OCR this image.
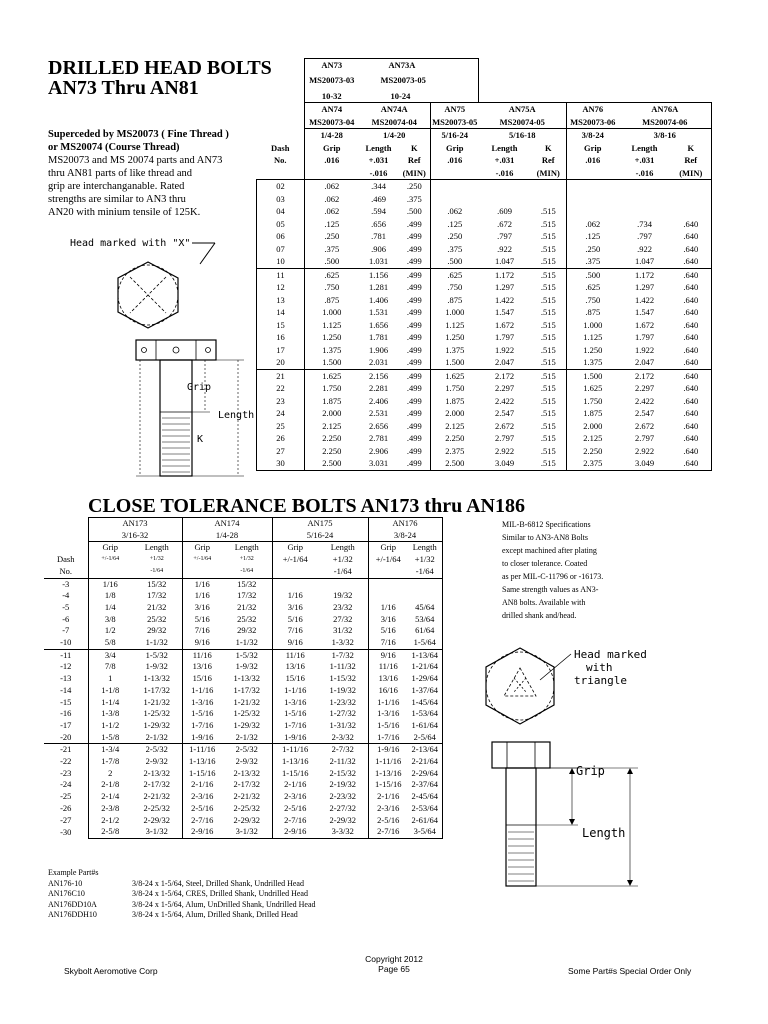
DRILLED HEAD BOLTS
AN73 Thru AN81
Superceded by MS20073 ( Fine Thread )
or MS20074 (Course Thread)
MS20073 and MS 20074 parts and AN73
thru AN81 parts of like thread and
grip are interchanganable. Rated
strengths are similar to AN3 thru
AN20 with minium tensile of 125K.
Head marked with "X"
Grip
Length
K
	AN73	AN73A							
	MS20073-03	MS20073-05							
	10-32	10-24							
	AN74	AN74A		AN75	AN75A		AN76	AN76A	
	MS20073-04	MS20074-04		MS20073-05	MS20074-05		MS20073-06	MS20074-06	
	1/4-28	1/4-20		5/16-24	5/16-18		3/8-24	3/8-16	
Dash	Grip	Length	K	Grip	Length	K	Grip	Length	K
No.	.016	+.031	Ref	.016	+.031	Ref	.016	+.031	Ref
		-.016	(MIN)		-.016	(MIN)		-.016	(MIN)
02	.062	.344	.250						
03	.062	.469	.375						
04	.062	.594	.500	.062	.609	.515			
05	.125	.656	.499	.125	.672	.515	.062	.734	.640
06	.250	.781	.499	.250	.797	.515	.125	.797	.640
07	.375	.906	.499	.375	.922	.515	.250	.922	.640
10	.500	1.031	.499	.500	1.047	.515	.375	1.047	.640
11	.625	1.156	.499	.625	1.172	.515	.500	1.172	.640
12	.750	1.281	.499	.750	1.297	.515	.625	1.297	.640
13	.875	1.406	.499	.875	1.422	.515	.750	1.422	.640
14	1.000	1.531	.499	1.000	1.547	.515	.875	1.547	.640
15	1.125	1.656	.499	1.125	1.672	.515	1.000	1.672	.640
16	1.250	1.781	.499	1.250	1.797	.515	1.125	1.797	.640
17	1.375	1.906	.499	1.375	1.922	.515	1.250	1.922	.640
20	1.500	2.031	.499	1.500	2.047	.515	1.375	2.047	.640
21	1.625	2.156	.499	1.625	2.172	.515	1.500	2.172	.640
22	1.750	2.281	.499	1.750	2.297	.515	1.625	2.297	.640
23	1.875	2.406	.499	1.875	2.422	.515	1.750	2.422	.640
24	2.000	2.531	.499	2.000	2.547	.515	1.875	2.547	.640
25	2.125	2.656	.499	2.125	2.672	.515	2.000	2.672	.640
26	2.250	2.781	.499	2.250	2.797	.515	2.125	2.797	.640
27	2.250	2.906	.499	2.375	2.922	.515	2.250	2.922	.640
30	2.500	3.031	.499	2.500	3.049	.515	2.375	3.049	.640
CLOSE TOLERANCE BOLTS AN173 thru AN186
	AN173		AN174		AN175		AN176	
	3/16-32		1/4-28		5/16-24		3/8-24	
	Grip	Length	Grip	Length	Grip	Length	Grip	Length
Dash	+/-1/64	+1/32	+/-1/64	+1/32	+/-1/64	+1/32	+/-1/64	+1/32
No.		-1/64		-1/64		-1/64		-1/64
-3	1/16	15/32	1/16	15/32				
-4	1/8	17/32	1/16	17/32	1/16	19/32		
-5	1/4	21/32	3/16	21/32	3/16	23/32	1/16	45/64
-6	3/8	25/32	5/16	25/32	5/16	27/32	3/16	53/64
-7	1/2	29/32	7/16	29/32	7/16	31/32	5/16	61/64
-10	5/8	1-1/32	9/16	1-1/32	9/16	1-3/32	7/16	1-5/64
-11	3/4	1-5/32	11/16	1-5/32	11/16	1-7/32	9/16	1-13/64
-12	7/8	1-9/32	13/16	1-9/32	13/16	1-11/32	11/16	1-21/64
-13	1	1-13/32	15/16	1-13/32	15/16	1-15/32	13/16	1-29/64
-14	1-1/8	1-17/32	1-1/16	1-17/32	1-1/16	1-19/32	16/16	1-37/64
-15	1-1/4	1-21/32	1-3/16	1-21/32	1-3/16	1-23/32	1-1/16	1-45/64
-16	1-3/8	1-25/32	1-5/16	1-25/32	1-5/16	1-27/32	1-3/16	1-53/64
-17	1-1/2	1-29/32	1-7/16	1-29/32	1-7/16	1-31/32	1-5/16	1-61/64
-20	1-5/8	2-1/32	1-9/16	2-1/32	1-9/16	2-3/32	1-7/16	2-5/64
-21	1-3/4	2-5/32	1-11/16	2-5/32	1-11/16	2-7/32	1-9/16	2-13/64
-22	1-7/8	2-9/32	1-13/16	2-9/32	1-13/16	2-11/32	1-11/16	2-21/64
-23	2	2-13/32	1-15/16	2-13/32	1-15/16	2-15/32	1-13/16	2-29/64
-24	2-1/8	2-17/32	2-1/16	2-17/32	2-1/16	2-19/32	1-15/16	2-37/64
-25	2-1/4	2-21/32	2-3/16	2-21/32	2-3/16	2-23/32	2-1/16	2-45/64
-26	2-3/8	2-25/32	2-5/16	2-25/32	2-5/16	2-27/32	2-3/16	2-53/64
-27	2-1/2	2-29/32	2-7/16	2-29/32	2-7/16	2-29/32	2-5/16	2-61/64
-30	2-5/8	3-1/32	2-9/16	3-1/32	2-9/16	3-3/32	2-7/16	3-5/64
MIL-B-6812 Specifications
Similar to AN3-AN8 Bolts
except machined after plating
to closer tolerance. Coated
as per MIL-C-11796 or -16173.
Same strength values as AN3-
AN8 bolts. Available with
drilled shank and/head.
Head marked
with
triangle
Grip
Length
Example Part#s
AN176-10	3/8-24 x 1-5/64, Steel, Drilled Shank, Undrilled Head
AN176C10	3/8-24 x 1-5/64, CRES, Drilled Shank, Undrilled Head
AN176DD10A	3/8-24 x 1-5/64, Alum, UnDrilled Shank, Undrilled Head
AN176DDH10	3/8-24 x 1-5/64, Alum, Drilled Shank, Drilled Head
Skybolt Aeromotive Corp
Copyright 2012
Page 65	Some Part#s Special Order Only
